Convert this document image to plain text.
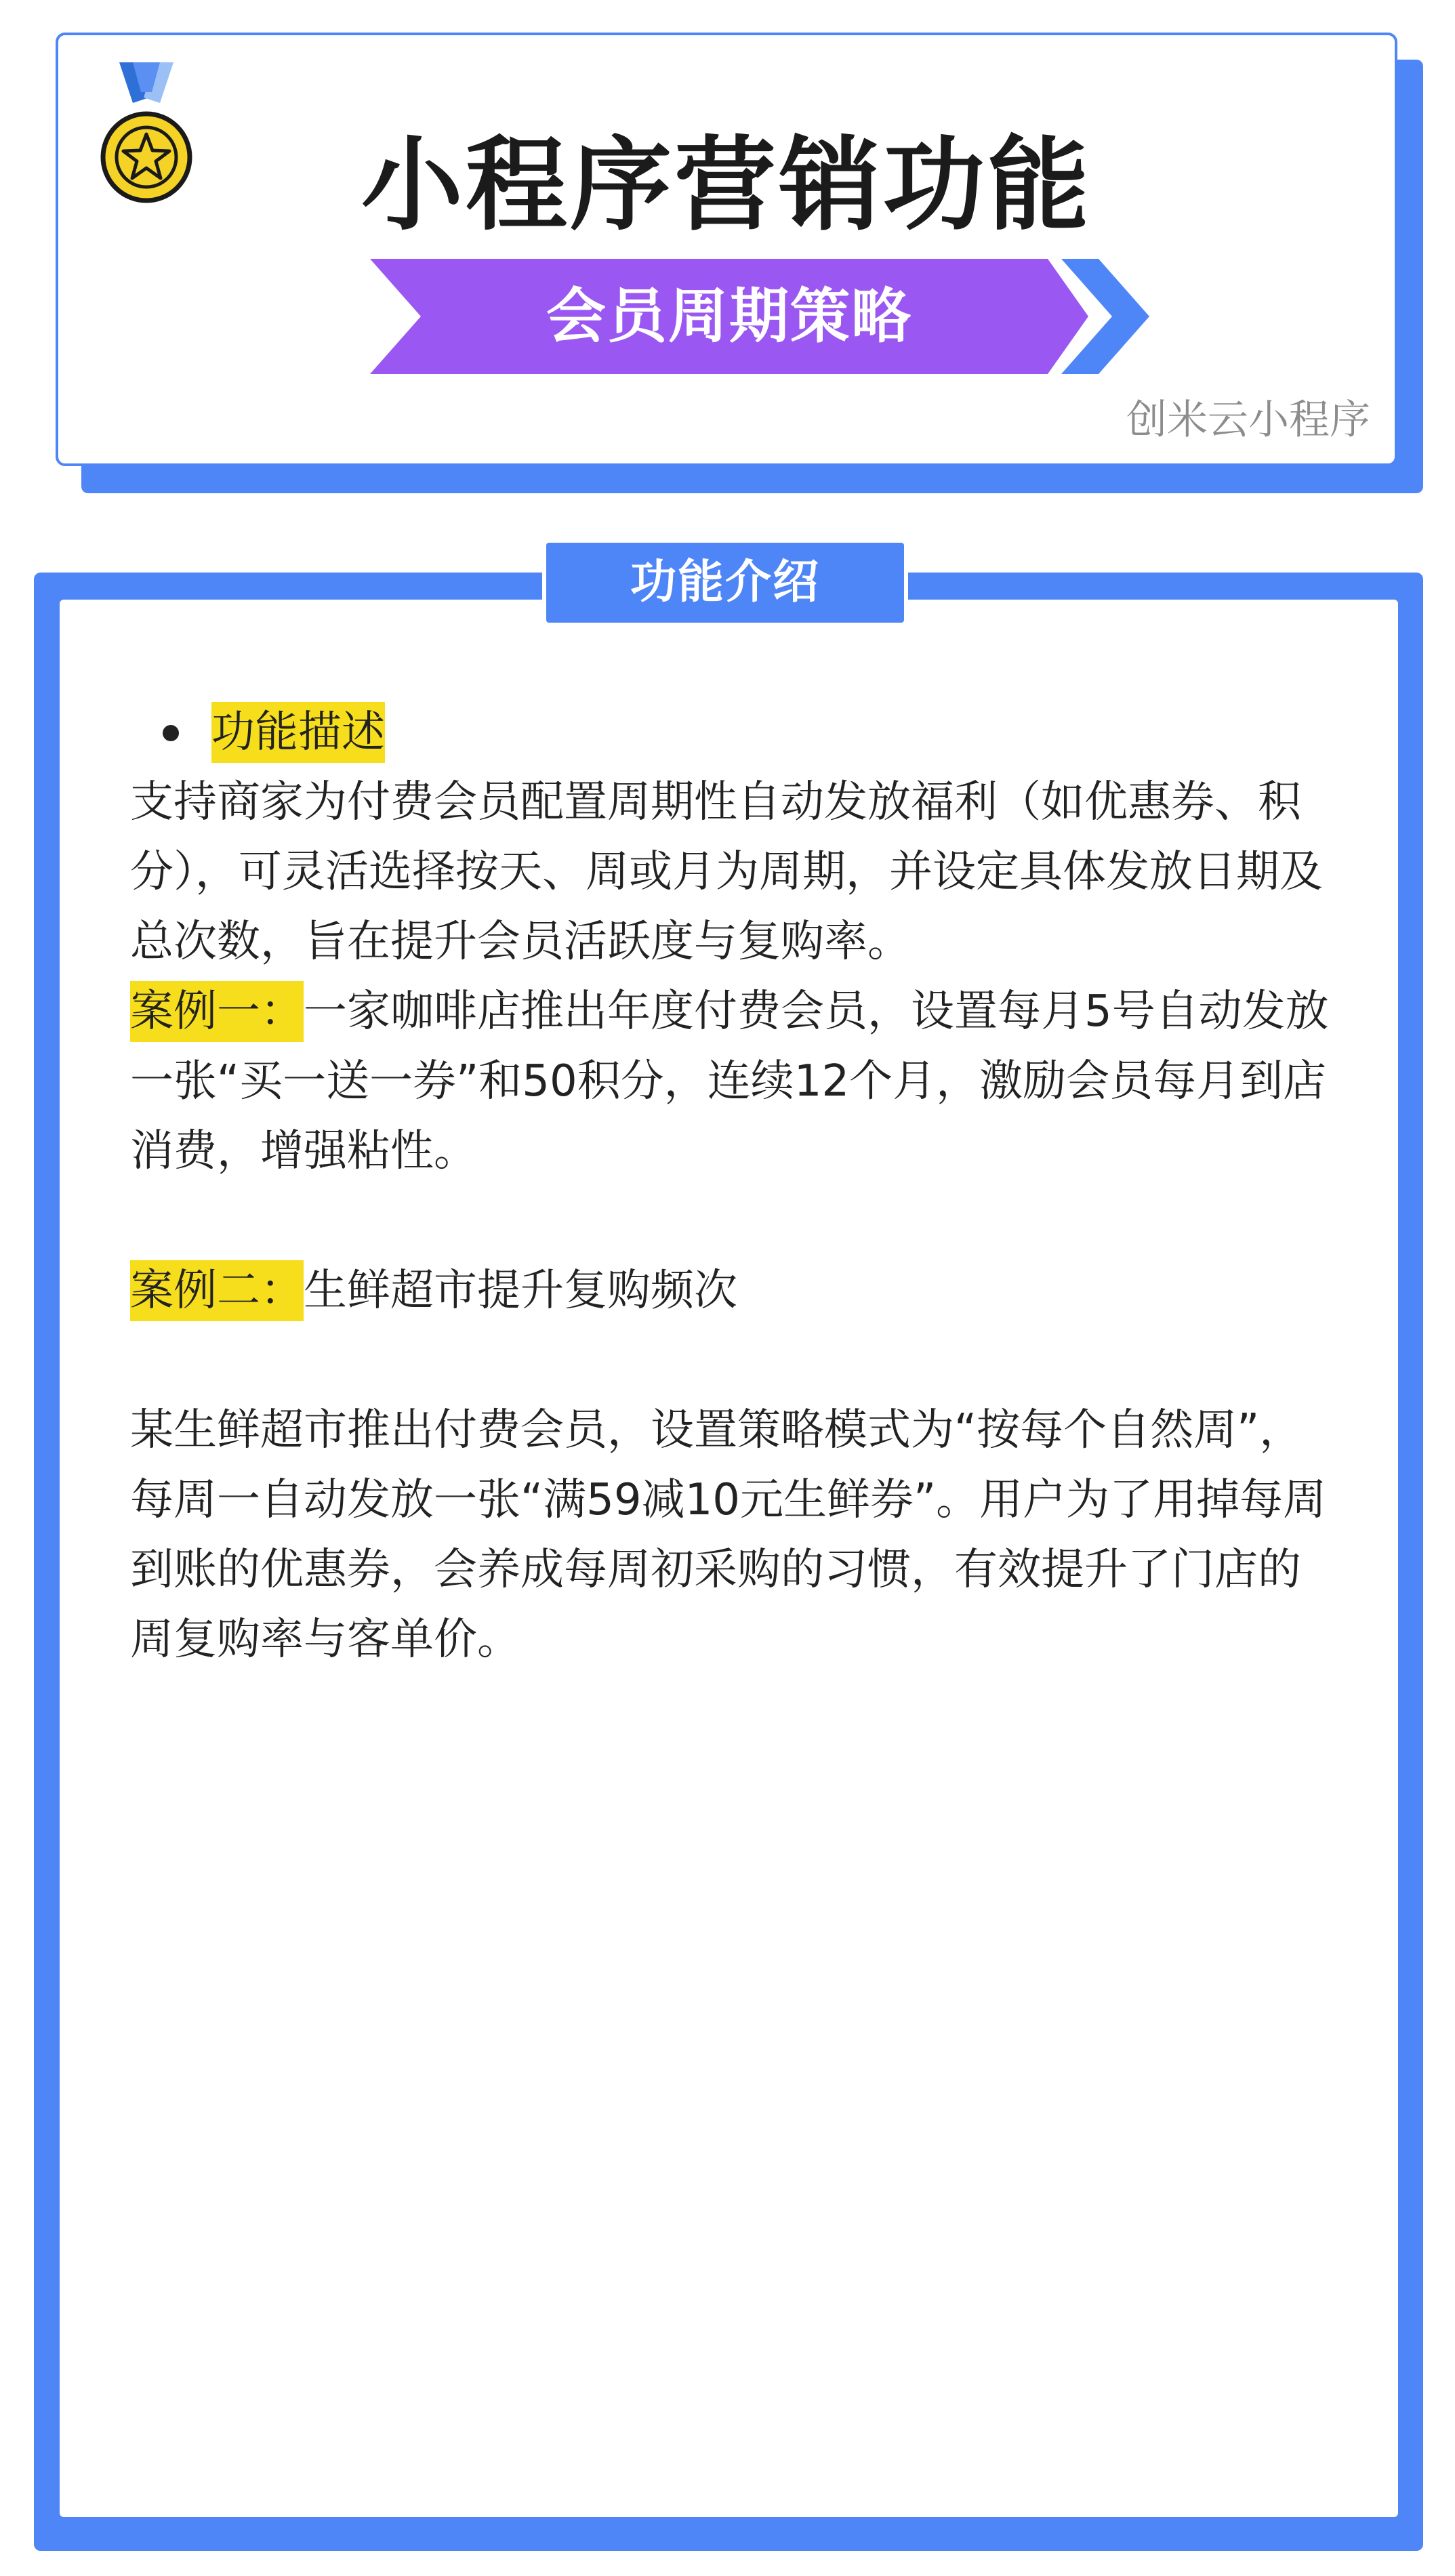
小程序营销功能
会员周期策略
创米云小程序
功能介绍
功能描述

支持商家为付费会员配置周期性自动发放福利（如优惠券、积分），可灵活选择按天、周或月为周期，并设定具体发放日期及总次数，旨在提升会员活跃度与复购率。

案例一：一家咖啡店推出年度付费会员，设置每月5号自动发放一张“买一送一券”和50积分，连续12个月，激励会员每月到店消费，增强粘性。

案例二：生鲜超市提升复购频次

某生鲜超市推出付费会员，设置策略模式为“按每个自然周”，每周一自动发放一张“满59减10元生鲜券”。用户为了用掉每周到账的优惠券，会养成每周初采购的习惯，有效提升了门店的周复购率与客单价。
